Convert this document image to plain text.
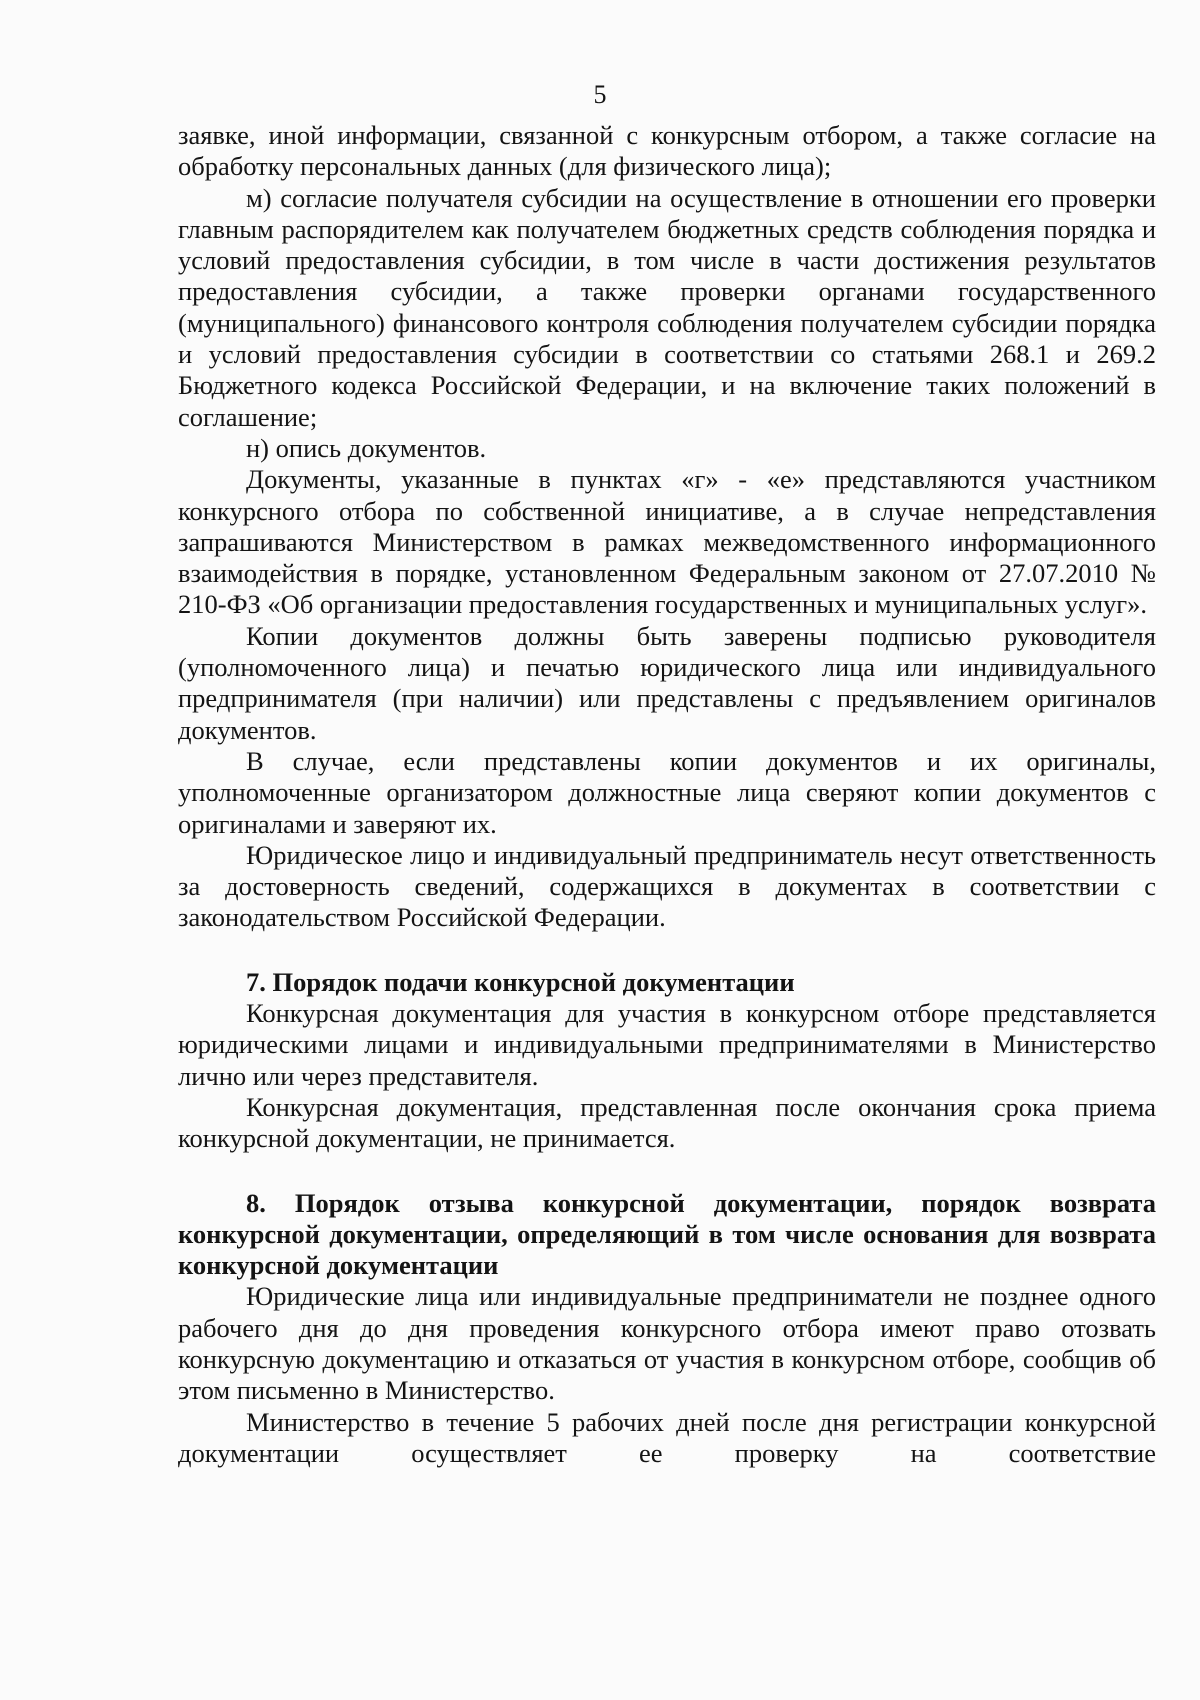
5

заявке, иной информации, связанной с конкурсным отбором, а также согласие на обработку персональных данных (для физического лица);

м) согласие получателя субсидии на осуществление в отношении его проверки главным распорядителем как получателем бюджетных средств соблюдения порядка и условий предоставления субсидии, в том числе в части достижения результатов предоставления субсидии, а также проверки органами государственного (муниципального) финансового контроля соблюдения получателем субсидии порядка и условий предоставления субсидии в соответствии со статьями 268.1 и 269.2 Бюджетного кодекса Российской Федерации, и на включение таких положений в соглашение;

н) опись документов.

Документы, указанные в пунктах «г» - «е» представляются участником конкурсного отбора по собственной инициативе, а в случае непредставления запрашиваются Министерством в рамках межведомственного информационного взаимодействия в порядке, установленном Федеральным законом от 27.07.2010 № 210-ФЗ «Об организации предоставления государственных и муниципальных услуг».

Копии документов должны быть заверены подписью руководителя (уполномоченного лица) и печатью юридического лица или индивидуального предпринимателя (при наличии) или представлены с предъявлением оригиналов документов.

В случае, если представлены копии документов и их оригиналы, уполномоченные организатором должностные лица сверяют копии документов с оригиналами и заверяют их.

Юридическое лицо и индивидуальный предприниматель несут ответственность за достоверность сведений, содержащихся в документах в соответствии с законодательством Российской Федерации.

7. Порядок подачи конкурсной документации

Конкурсная документация для участия в конкурсном отборе представляется юридическими лицами и индивидуальными предпринимателями в Министерство лично или через представителя.

Конкурсная документация, представленная после окончания срока приема конкурсной документации, не принимается.

8. Порядок отзыва конкурсной документации, порядок возврата конкурсной документации, определяющий в том числе основания для возврата конкурсной документации

Юридические лица или индивидуальные предприниматели не позднее одного рабочего дня до дня проведения конкурсного отбора имеют право отозвать конкурсную документацию и отказаться от участия в конкурсном отборе, сообщив об этом письменно в Министерство.

Министерство в течение 5 рабочих дней после дня регистрации конкурсной документации осуществляет ее проверку на соответствие
